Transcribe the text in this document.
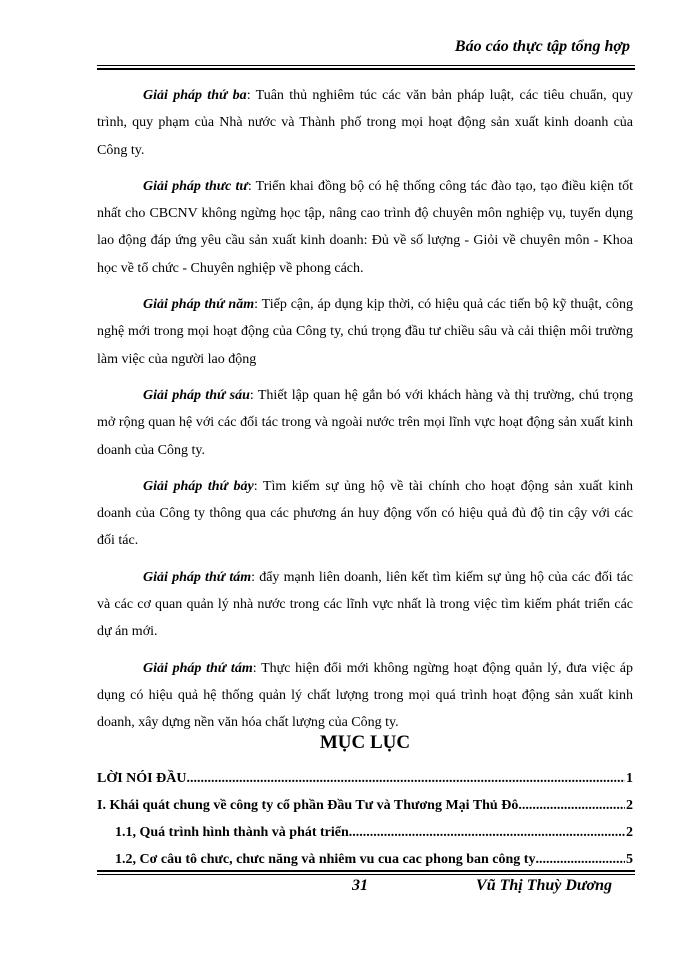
Báo cáo thực tập tổng hợp

Giải pháp thứ ba: Tuân thủ nghiêm túc các văn bản pháp luật, các tiêu chuẩn, quy trình, quy phạm của Nhà nước và Thành phố trong mọi hoạt động sản xuất kinh doanh của Công ty.

Giải pháp thưc tư: Triển khai đồng bộ có hệ thống công tác đào tạo, tạo điều kiện tốt nhất cho CBCNV không ngừng học tập, nâng cao trình độ chuyên môn nghiệp vụ, tuyển dụng lao động đáp ứng yêu cầu sản xuất kinh doanh: Đủ về số lượng - Giỏi về chuyên môn - Khoa học về tổ chức - Chuyên nghiệp về phong cách.

Giải pháp thứ năm: Tiếp cận, áp dụng kịp thời, có hiệu quả các tiến bộ kỹ thuật, công nghệ mới trong mọi hoạt động của Công ty, chú trọng đầu tư chiều sâu và cải thiện môi trường làm việc của người lao động

Giải pháp thứ sáu: Thiết lập quan hệ gắn bó với khách hàng và thị trường, chú trọng mở rộng quan hệ với các đối tác trong và ngoài nước trên mọi lĩnh vực hoạt động sản xuất kinh doanh của Công ty.

Giải pháp thứ bảy: Tìm kiếm sự ủng hộ về tài chính cho hoạt động sản xuất kinh doanh của Công ty thông qua các phương án huy động vốn có hiệu quả đủ độ tin cậy với các đối tác.

Giải pháp thứ tám: đẩy mạnh liên doanh, liên kết tìm kiếm sự ủng hộ của các đối tác và các cơ quan quản lý nhà nước trong các lĩnh vực nhất là trong việc tìm kiếm phát triển các dự án mới.

Giải pháp thứ tám: Thực hiện đổi mới không ngừng hoạt động quản lý, đưa việc áp dụng có hiệu quả hệ thống quản lý chất lượng trong mọi quá trình hoạt động sản xuất kinh doanh, xây dựng nền văn hóa chất lượng của Công ty.

MỤC LỤC
LỜI NÓI ĐẦU .....	1
I. Khái quát chung về công ty cổ phần Đầu Tư và Thương Mại Thủ Đô .....	2
1.1, Quá trình hình thành và phát triển. .....	2
1.2, Cơ câu tô chưc, chưc năng và nhiêm vu cua cac phong ban công ty .....	5
31	Vũ Thị Thuỳ Dương
